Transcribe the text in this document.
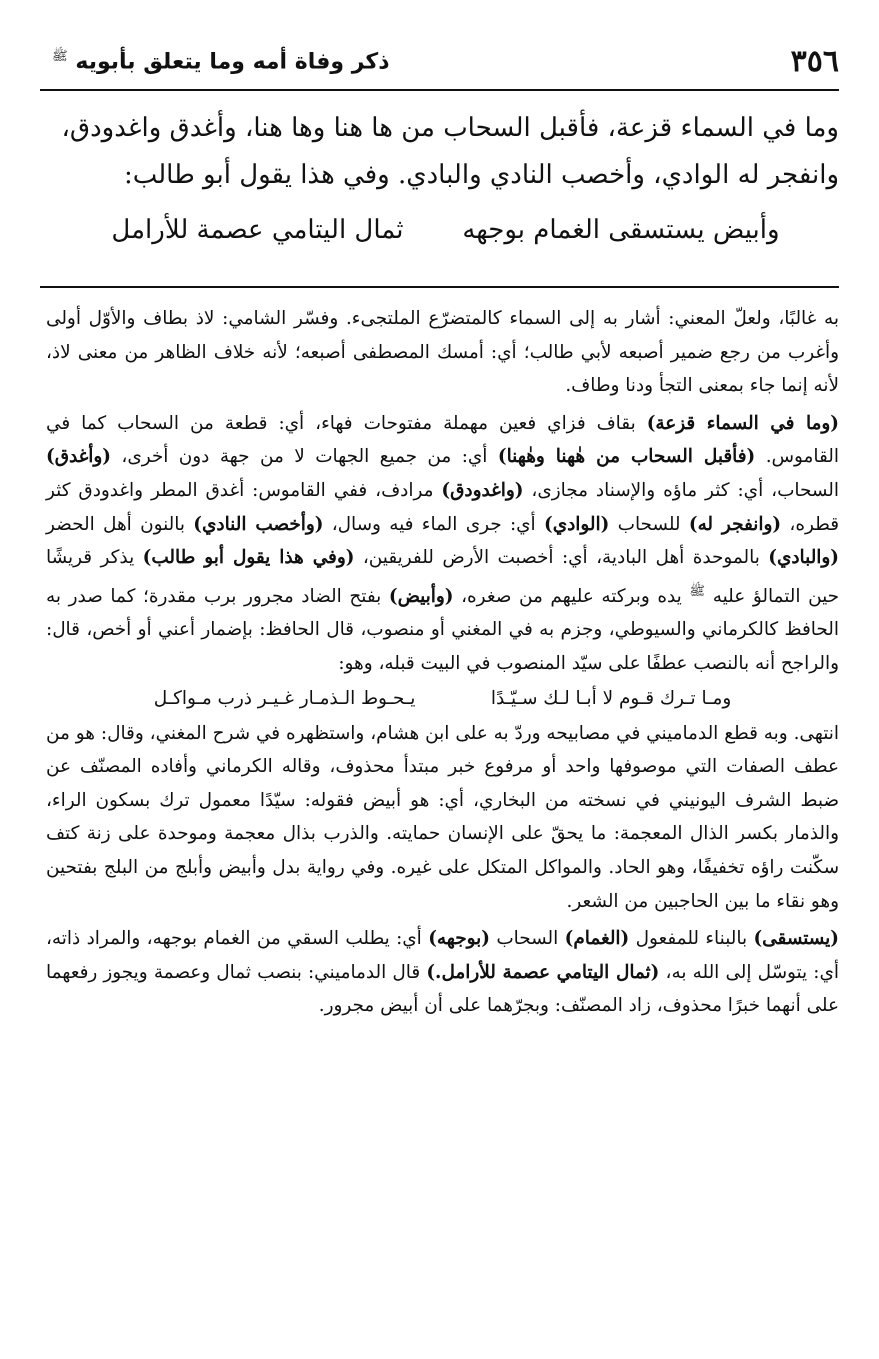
٣٥٦
ذكر وفاة أمه وما يتعلق بأبويه $^ﷺ$

وما في السماء قزعة، فأقبل السحاب من ها هنا وها هنا، وأغدق واغدودق،

وانفجر له الوادي، وأخصب النادي والبادي. وفي هذا يقول أبو طالب:

وأبيض يستسقى الغمام بوجهه
ثمال اليتامي عصمة للأرامل

به غالبًا، ولعلّ المعني: أشار به إلى السماء كالمتضرّع الملتجىء. وفسّر الشامي: لاذ بطاف والأوّل أولى وأغرب من رجع ضمير أصبعه لأبي طالب؛ أي: أمسك المصطفى أصبعه؛ لأنه خلاف الظاهر من معنى لاذ، لأنه إنما جاء بمعنى التجأ ودنا وطاف.

(وما في السماء قزعة) بقاف فزاي فعين مهملة مفتوحات فهاء، أي: قطعة من السحاب كما في القاموس. (فأقبل السحاب من هٰهنا وهٰهنا) أي: من جميع الجهات لا من جهة دون أخرى، (وأغدق) السحاب، أي: كثر ماؤه والإسناد مجازى، (واغدودق) مرادف، ففي القاموس: أغدق المطر واغدودق كثر قطره، (وانفجر له) للسحاب (الوادي) أي: جرى الماء فيه وسال، (وأخصب النادي) بالنون أهل الحضر (والبادي) بالموحدة أهل البادية، أي: أخصبت الأرض للفريقين، (وفي هذا يقول أبو طالب) يذكر قريشًا حين التمالؤ عليه $^ﷺ$ يده وبركته عليهم من صغره، (وأبيض) بفتح الضاد مجرور برب مقدرة؛ كما صدر به الحافظ كالكرماني والسيوطي، وجزم به في المغني أو منصوب، قال الحافظ: بإضمار أعني أو أخص، قال: والراجح أنه بالنصب عطفًا على سيّد المنصوب في البيت قبله، وهو:

ومـا تـرك قـوم لا أبـا لـك سـيّـدًا
يـحـوط الـذمـار غـيـر ذرب مـواكـل

انتهى. وبه قطع الدماميني في مصابيحه وردّ به على ابن هشام، واستظهره في شرح المغني، وقال: هو من عطف الصفات التي موصوفها واحد أو مرفوع خبر مبتدأ محذوف، وقاله الكرماني وأفاده المصنّف عن ضبط الشرف اليونيني في نسخته من البخاري، أي: هو أبيض فقوله: سيّدًا معمول ترك بسكون الراء، والذمار بكسر الذال المعجمة: ما يحقّ على الإنسان حمايته. والذرب بذال معجمة وموحدة على زنة كتف سكّنت راؤه تخفيفًا، وهو الحاد. والمواكل المتكل على غيره. وفي رواية بدل وأبيض وأبلج من البلج بفتحين وهو نقاء ما بين الحاجبين من الشعر.

(يستسقى) بالبناء للمفعول (الغمام) السحاب (بوجهه) أي: يطلب السقي من الغمام بوجهه، والمراد ذاته، أي: يتوسّل إلى الله به، (ثمال اليتامي عصمة للأرامل.) قال الدماميني: بنصب ثمال وعصمة ويجوز رفعهما على أنهما خبرًا محذوف، زاد المصنّف: وبجرّهما على أن أبيض مجرور.
